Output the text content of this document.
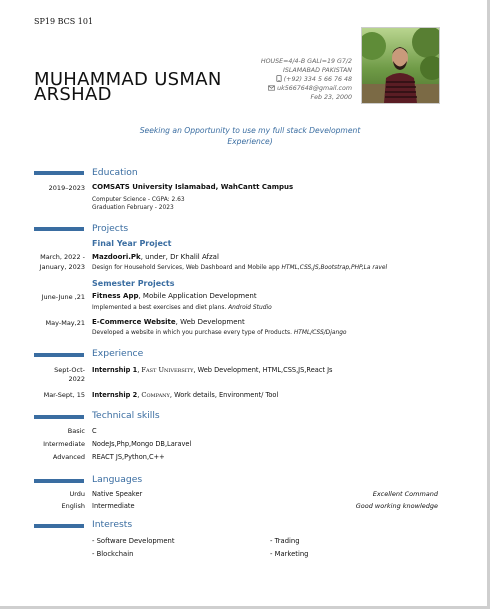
SP19 BCS 101
MUHAMMAD USMAN
ARSHAD
HOUSE=4/4-B GALI=19 G7/2
ISLAMABAD PAKISTAN
(+92) 334 5 66 76 48
uk5667648@gmail.com
Feb 23, 2000
Seeking an Opportunity to use my full stack Development
Experience)
Education
2019–2023 COMSATS University Islamabad, WahCantt Campus
Computer Science - CGPA: 2.63
Graduation February - 2023
Projects
Final Year Project
March, 2022 -
January, 2023
Mazdoori.Pk, under, Dr Khalil Afzal
Design for Household Services, Web Dashboard and Mobile app HTML,CSS,JS,Bootstrap,PHP,La ravel
Semester Projects
June-June ,21 Fitness App, Mobile Application Development
Implemented a best exercises and diet plans. Android Studio
May-May,21 E-Commerce Website, Web Development
Developed a website in which you purchase every type of Products. HTML/CSS/Django
Experience
Sept-Oct-
2022
Internship 1, Fast University, Web Development, HTML,CSS,JS,React Js
Mar-Sept, 15 Internship 2, Company, Work details, Environment/ Tool
Technical skills
Basic C
Intermediate NodeJs,Php,Mongo DB,Laravel
Advanced REACT JS,Python,C++
Languages
Urdu Native Speaker	Excellent Command
English Intermediate	Good working knowledge
Interests
- Software Development	- Trading
- Blockchain	- Marketing
